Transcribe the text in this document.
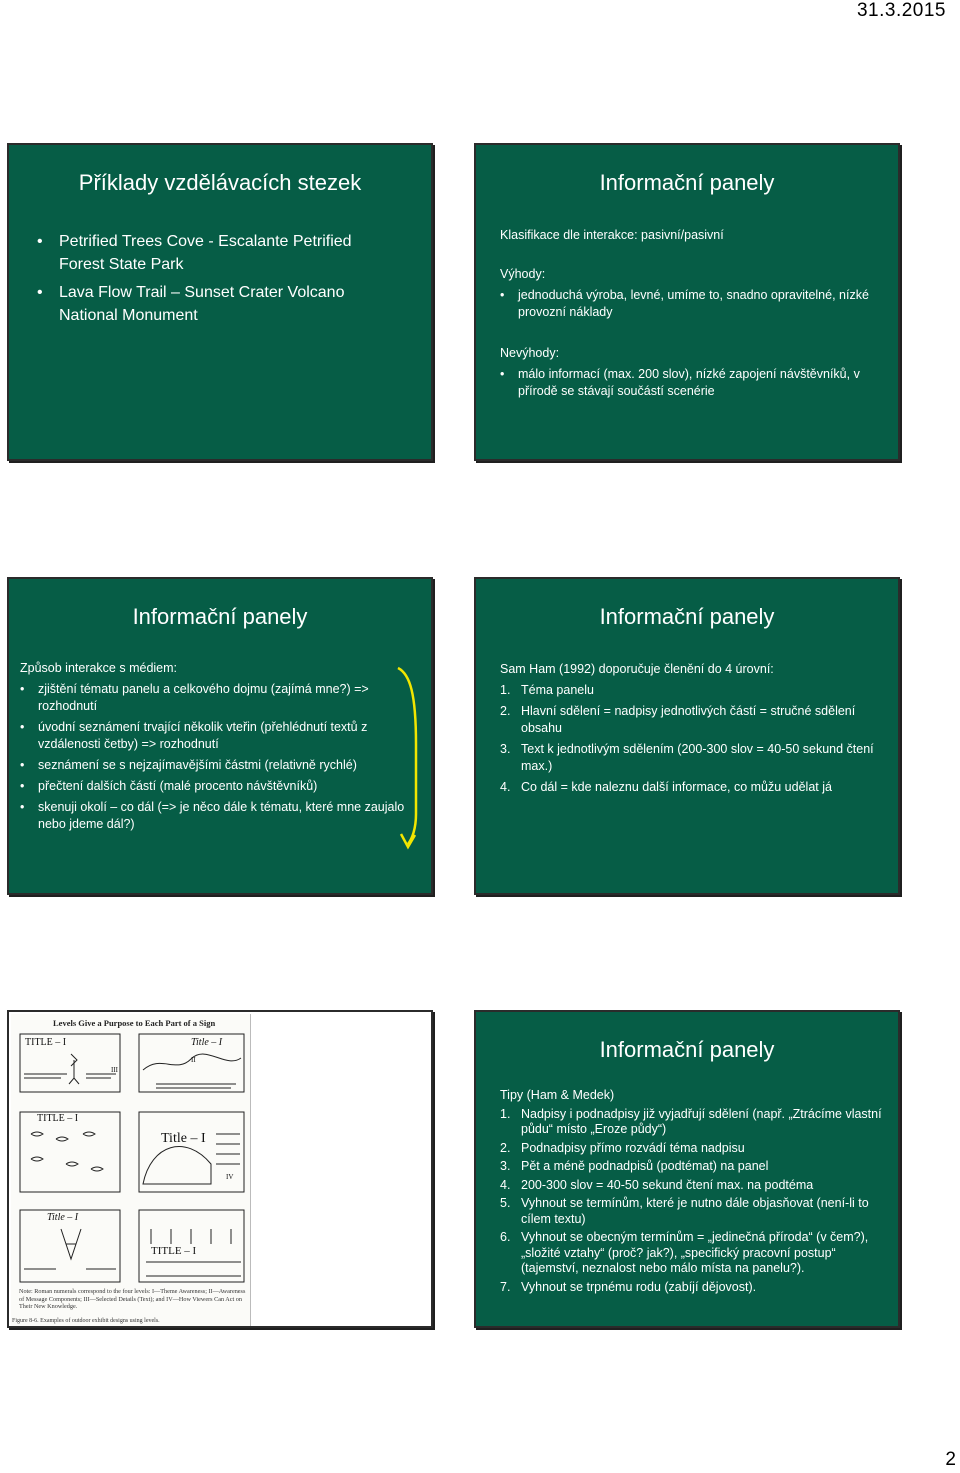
31.3.2015
Příklady vzdělávacích stezek
• Petrified Trees Cove - Escalante Petrified Forest State Park
• Lava Flow Trail – Sunset Crater Volcano National Monument
Informační panely

Klasifikace dle interakce: pasivní/pasivní

Výhody:

• jednoduchá výroba, levné, umíme to, snadno opravitelné, nízké provozní náklady

Nevýhody:

• málo informací (max. 200 slov), nízké zapojení návštěvníků, v přírodě se stávají součástí scenérie
Informační panely

Způsob interakce s médiem:

• zjištění tématu panelu a celkového dojmu (zajímá mne?) => rozhodnutí
• úvodní seznámení trvající několik vteřin (přehlédnutí textů z vzdálenosti četby) => rozhodnutí
• seznámení se s nejzajímavějšími částmi (relativně rychlé)
• přečtení dalších částí (malé procento návštěvníků)
• skenuji okolí – co dál (=> je něco dále k tématu, které mne zaujalo nebo jdeme dál?)
Informační panely

Sam Ham (1992) doporučuje členění do 4 úrovní:

1. Téma panelu
2. Hlavní sdělení = nadpisy jednotlivých částí = stručné sdělení obsahu
3. Text k jednotlivým sdělením (200-300 slov = 40-50 sekund čtení max.)
4. Co dál = kde naleznu další informace, co můžu udělat já
Levels Give a Purpose to Each Part of a Sign
TITLE – I	Title – I
TITLE – I
Title – I
Title – I
TITLE – I
II
III
IV
Note: Roman numerals correspond to the four levels: I—Theme Awareness; II—Awareness of Message Components; III—Selected Details (Text); and IV—How Viewers Can Act on Their New Knowledge.
Figure 8-6. Examples of outdoor exhibit designs using levels.
Informační panely

Tipy (Ham & Medek)

1. Nadpisy i podnadpisy již vyjadřují sdělení (např. „Ztrácíme vlastní půdu“ místo „Eroze půdy“)
2. Podnadpisy přímo rozvádí téma nadpisu
3. Pět a méně podnadpisů (podtémat) na panel
4. 200-300 slov = 40-50 sekund čtení max. na podtéma
5. Vyhnout se termínům, které je nutno dále objasňovat (není-li to cílem textu)
6. Vyhnout se obecným termínům = „jedinečná příroda“ (v čem?), „složité vztahy“ (proč? jak?), „specifický pracovní postup“ (tajemství, neznalost nebo málo místa na panelu?).
7. Vyhnout se trpnému rodu (zabíjí dějovost).
2
